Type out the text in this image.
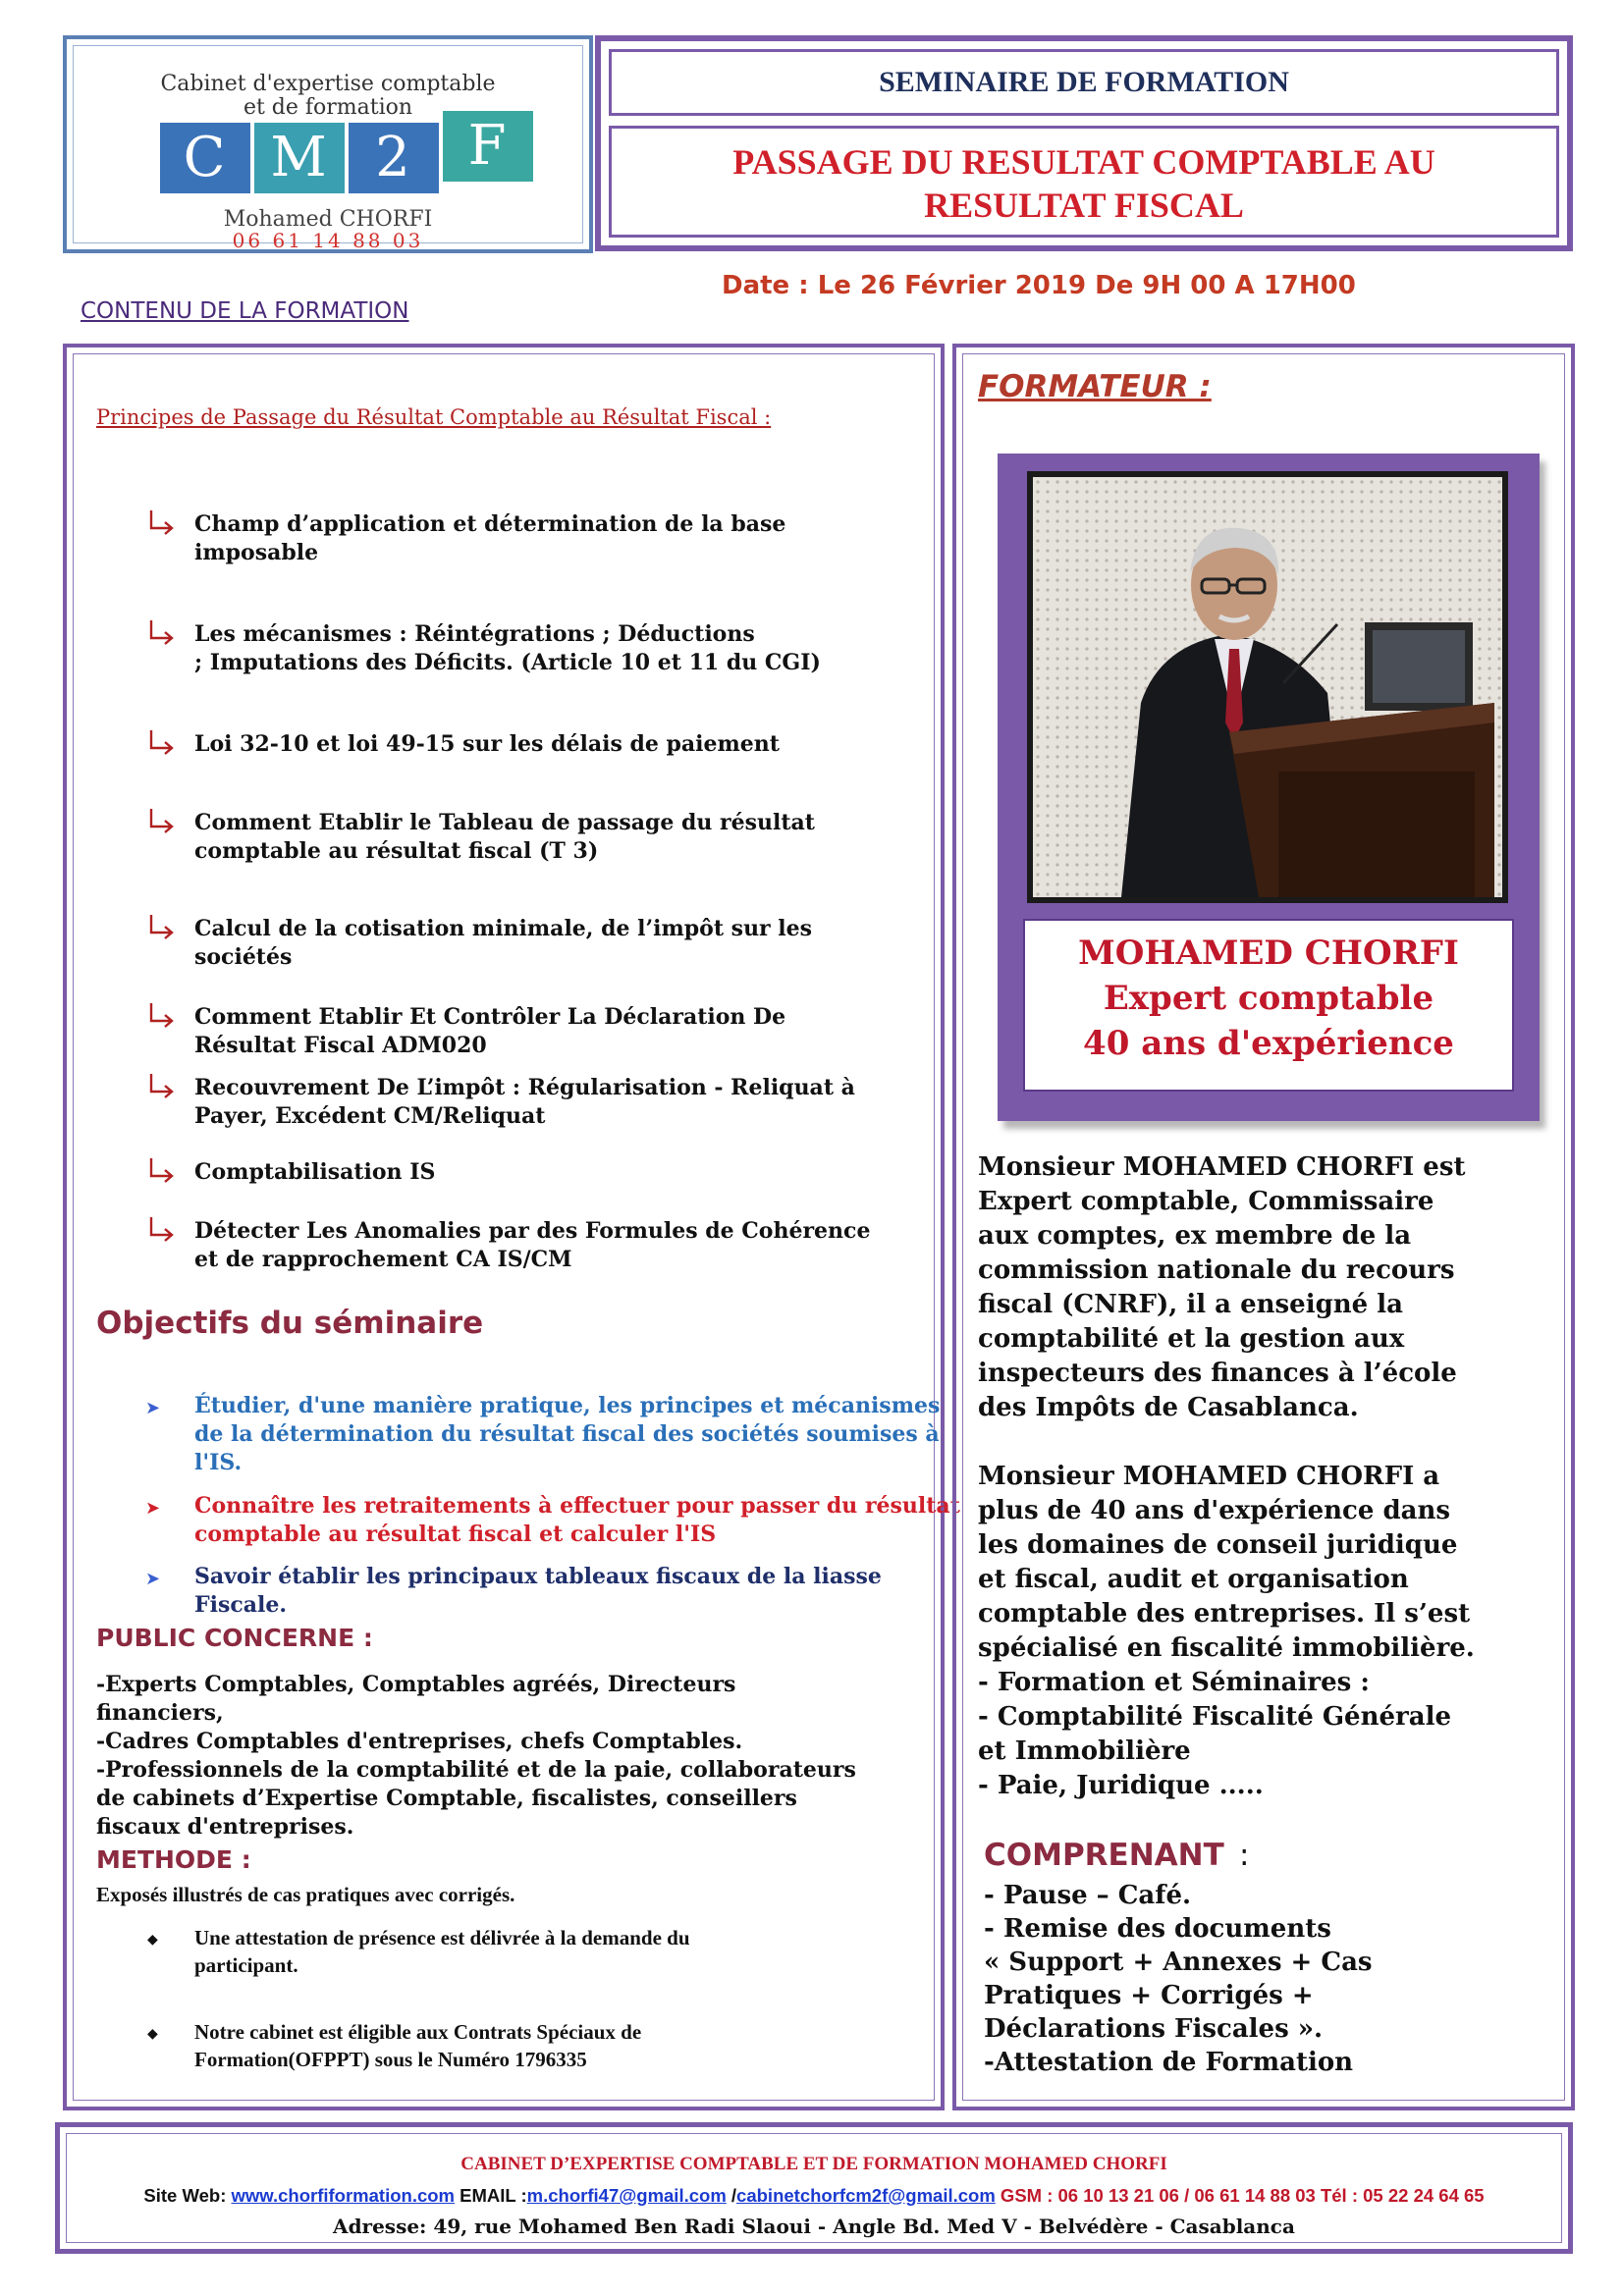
Cabinet d'expertise comptable
et de formation
C M 2	F
Mohamed CHORFI
06 61 14 88 03
SEMINAIRE DE FORMATION
PASSAGE DU RESULTAT COMPTABLE AU
RESULTAT FISCAL
Date : Le 26 Février 2019 De 9H 00 A 17H00
CONTENU DE LA FORMATION
Principes de Passage du Résultat Comptable au Résultat Fiscal :
Champ d’application et détermination de la base
imposable
Les mécanismes : Réintégrations ; Déductions
; Imputations des Déficits. (Article 10 et 11 du CGI)
Loi 32-10 et loi 49-15 sur les délais de paiement
Comment Etablir le Tableau de passage du résultat
comptable au résultat fiscal (T 3)
Calcul de la cotisation minimale, de l’impôt sur les
sociétés
Comment Etablir Et Contrôler La Déclaration De
Résultat Fiscal ADM020
Recouvrement De L’impôt : Régularisation - Reliquat à
Payer, Excédent CM/Reliquat
Comptabilisation IS
Détecter Les Anomalies par des Formules de Cohérence
et de rapprochement CA IS/CM
Objectifs du séminaire
➤ Étudier, d'une manière pratique, les principes et mécanismes de la détermination du résultat fiscal des sociétés soumises à l'IS.
➤ Connaître les retraitements à effectuer pour passer du résultat comptable au résultat fiscal et calculer l'IS
➤ Savoir établir les principaux tableaux fiscaux de la liasse Fiscale.
PUBLIC CONCERNE :
-Experts Comptables, Comptables agréés, Directeurs
financiers,
-Cadres Comptables d'entreprises, chefs Comptables.
-Professionnels de la comptabilité et de la paie, collaborateurs
de cabinets d’Expertise Comptable, fiscalistes, conseillers
fiscaux d'entreprises.
METHODE :
Exposés illustrés de cas pratiques avec corrigés.
◆ Une attestation de présence est délivrée à la demande du
participant.
◆ Notre cabinet est éligible aux Contrats Spéciaux de
Formation(OFPPT) sous le Numéro 1796335
FORMATEUR :
MOHAMED CHORFI
Expert comptable
40 ans d'expérience
Monsieur MOHAMED CHORFI est
Expert comptable, Commissaire
aux comptes, ex membre de la
commission nationale du recours
fiscal (CNRF), il a enseigné la
comptabilité et la gestion aux
inspecteurs des finances à l’école
des Impôts de Casablanca.

Monsieur MOHAMED CHORFI a
plus de 40 ans d'expérience dans
les domaines de conseil juridique
et fiscal, audit et organisation
comptable des entreprises. Il s’est
spécialisé en fiscalité immobilière.
- Formation et Séminaires :
- Comptabilité Fiscalité Générale
et Immobilière
- Paie, Juridique .....
COMPRENANT :
- Pause – Café.
- Remise des documents
« Support + Annexes + Cas
Pratiques + Corrigés +
Déclarations Fiscales ».
-Attestation de Formation
CABINET D’EXPERTISE COMPTABLE ET DE FORMATION MOHAMED CHORFI
Site Web: www.chorfiformation.com EMAIL :m.chorfi47@gmail.com /cabinetchorfcm2f@gmail.com GSM : 06 10 13 21 06 / 06 61 14 88 03 Tél : 05 22 24 64 65
Adresse: 49, rue Mohamed Ben Radi Slaoui - Angle Bd. Med V - Belvédère - Casablanca
